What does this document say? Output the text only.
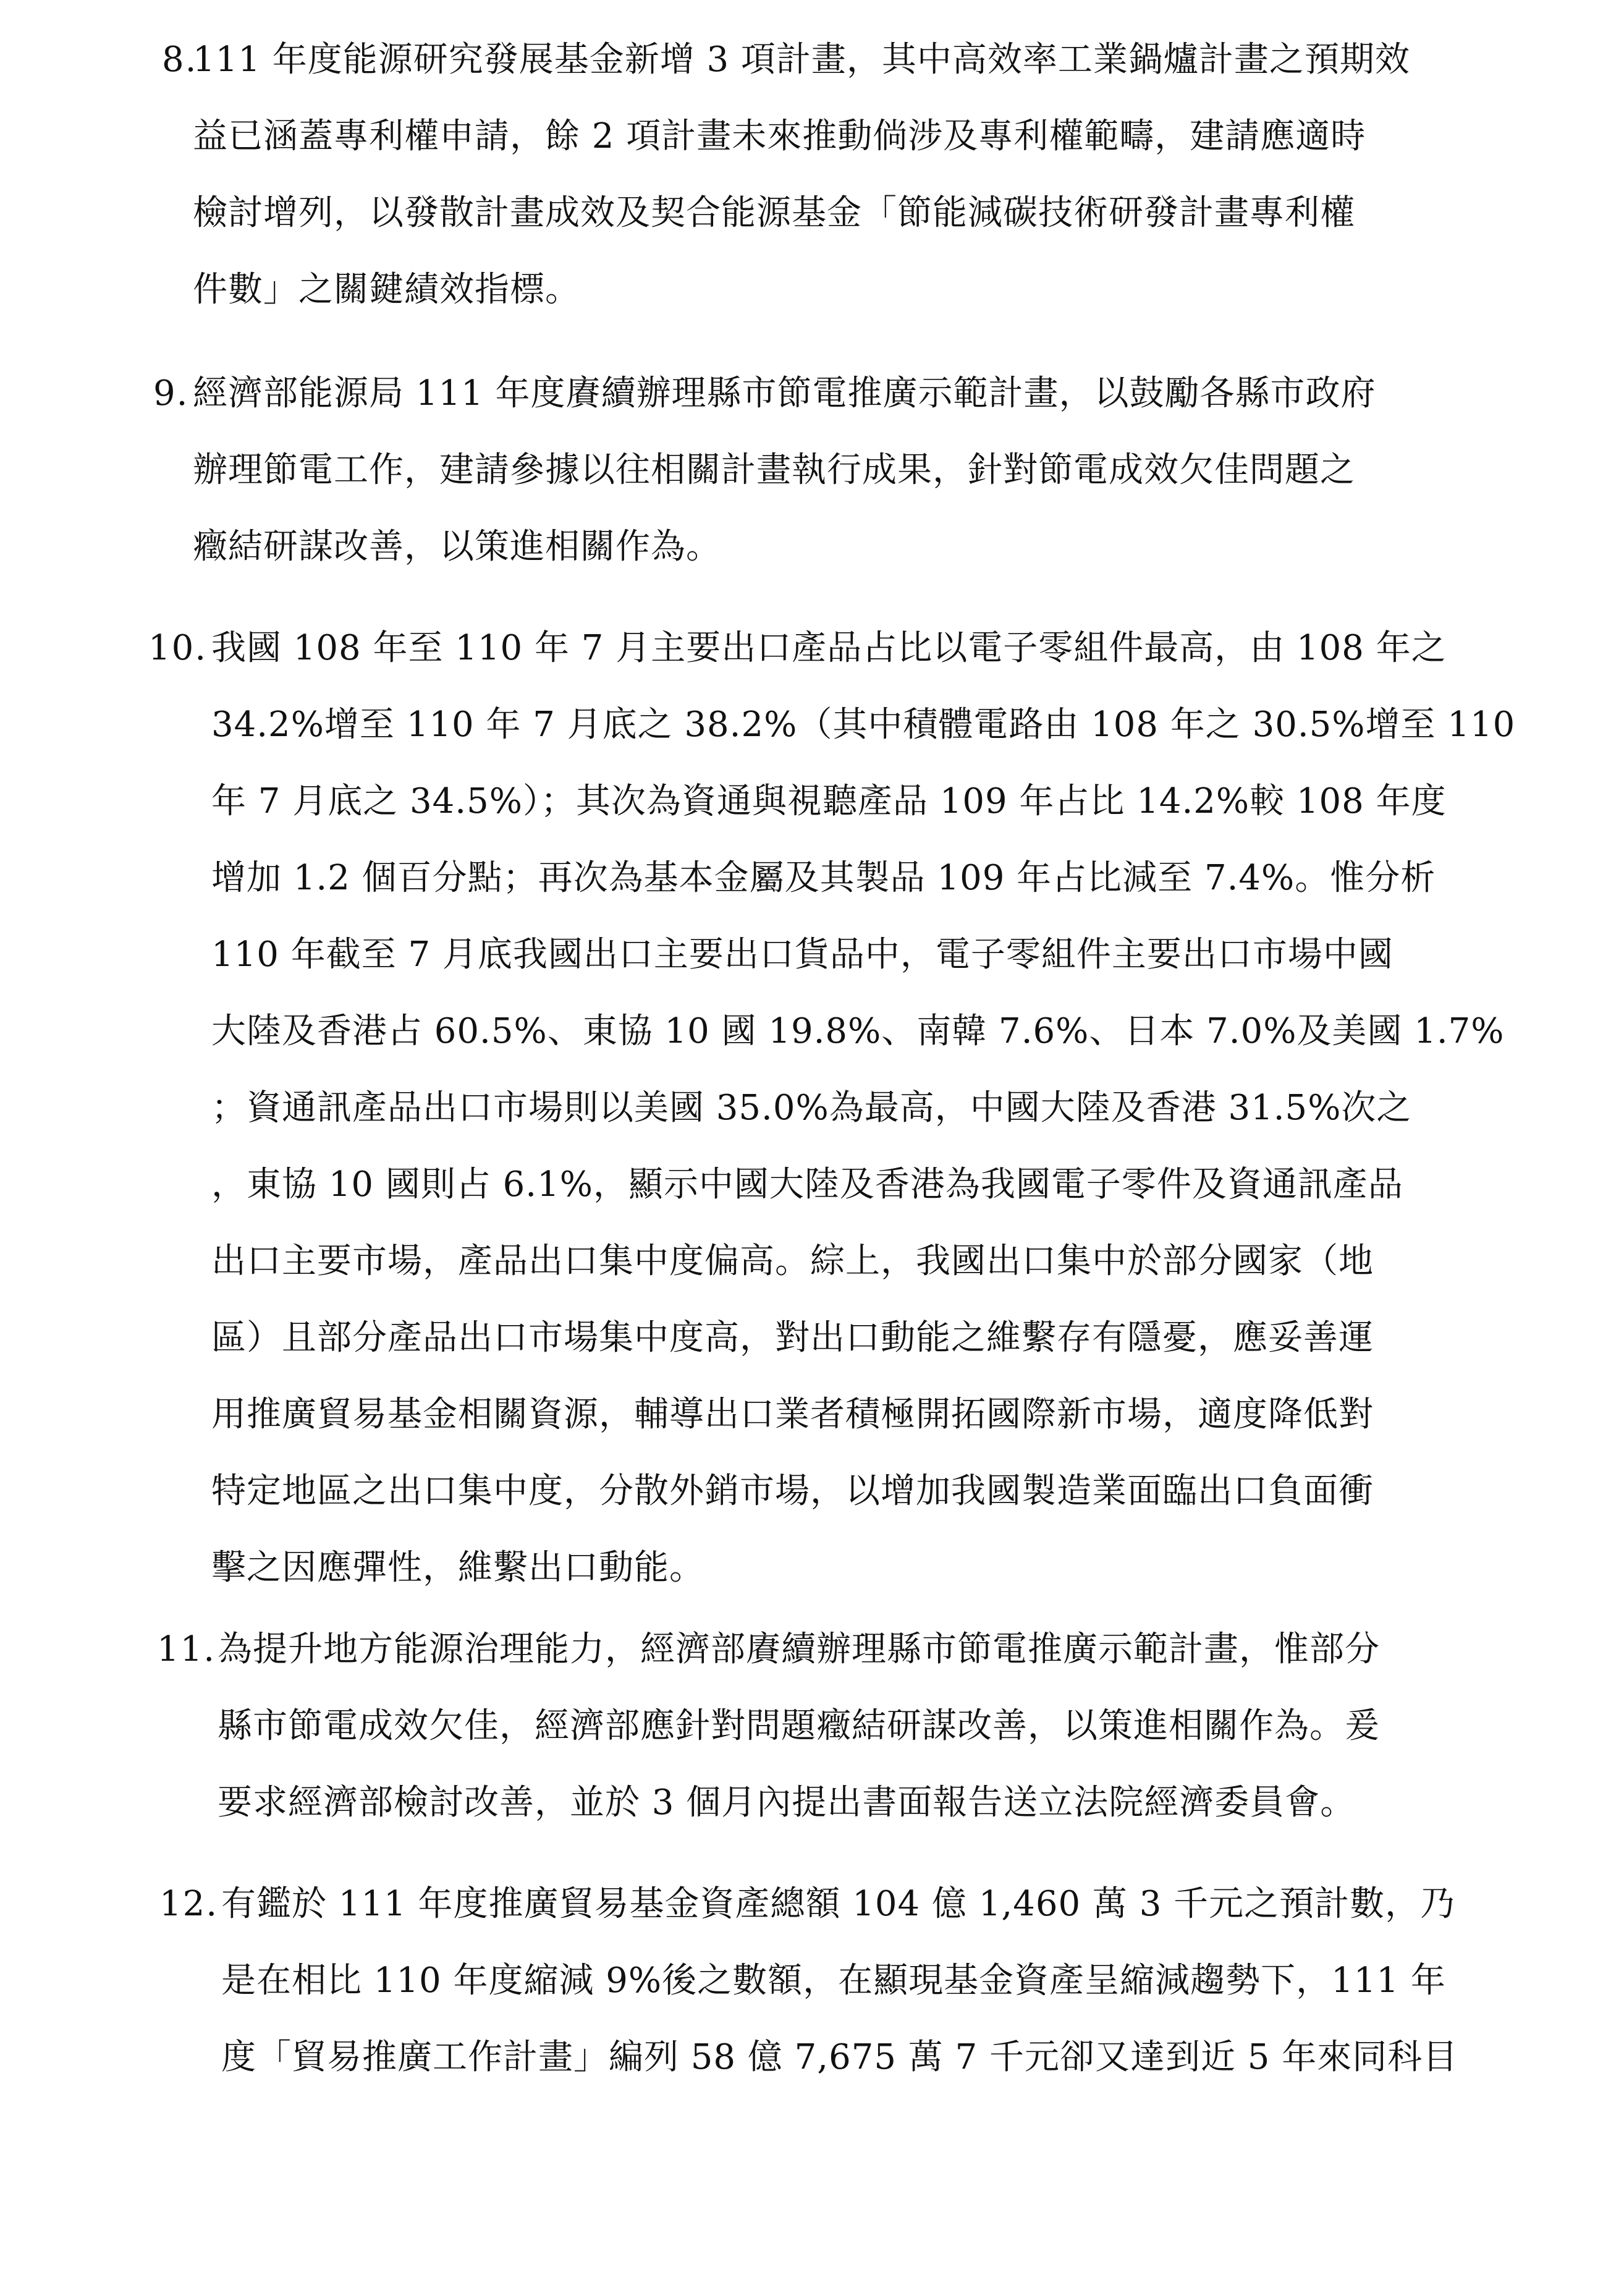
8.
111 年度能源研究發展基金新增 3 項計畫，其中高效率工業鍋爐計畫之預期效
益已涵蓋專利權申請，餘 2 項計畫未來推動倘涉及專利權範疇，建請應適時
檢討增列，以發散計畫成效及契合能源基金「節能減碳技術研發計畫專利權
件數」之關鍵績效指標。
9. 經濟部能源局 111 年度賡續辦理縣市節電推廣示範計畫，以鼓勵各縣市政府
辦理節電工作，建請參據以往相關計畫執行成果，針對節電成效欠佳問題之
癥結研謀改善，以策進相關作為。
10. 我國 108 年至 110 年 7 月主要出口產品占比以電子零組件最高，由 108 年之
34.2%增至 110 年 7 月底之 38.2%（其中積體電路由 108 年之 30.5%增至 110
年 7 月底之 34.5%）；其次為資通與視聽產品 109 年占比 14.2%較 108 年度
增加 1.2 個百分點；再次為基本金屬及其製品 109 年占比減至 7.4%。惟分析
110 年截至 7 月底我國出口主要出口貨品中，電子零組件主要出口市場中國
大陸及香港占 60.5%、東協 10 國 19.8%、南韓 7.6%、日本 7.0%及美國 1.7%
；資通訊產品出口市場則以美國 35.0%為最高，中國大陸及香港 31.5%次之
，東協 10 國則占 6.1%，顯示中國大陸及香港為我國電子零件及資通訊產品
出口主要市場，產品出口集中度偏高。綜上，我國出口集中於部分國家（地
區）且部分產品出口市場集中度高，對出口動能之維繫存有隱憂，應妥善運
用推廣貿易基金相關資源，輔導出口業者積極開拓國際新市場，適度降低對
特定地區之出口集中度，分散外銷市場，以增加我國製造業面臨出口負面衝
擊之因應彈性，維繫出口動能。
11. 為提升地方能源治理能力，經濟部賡續辦理縣市節電推廣示範計畫，惟部分
縣市節電成效欠佳，經濟部應針對問題癥結研謀改善，以策進相關作為。爰
要求經濟部檢討改善，並於 3 個月內提出書面報告送立法院經濟委員會。
12. 有鑑於 111 年度推廣貿易基金資產總額 104 億 1,460 萬 3 千元之預計數，乃
是在相比 110 年度縮減 9%後之數額，在顯現基金資產呈縮減趨勢下，111 年
度「貿易推廣工作計畫」編列 58 億 7,675 萬 7 千元卻又達到近 5 年來同科目
